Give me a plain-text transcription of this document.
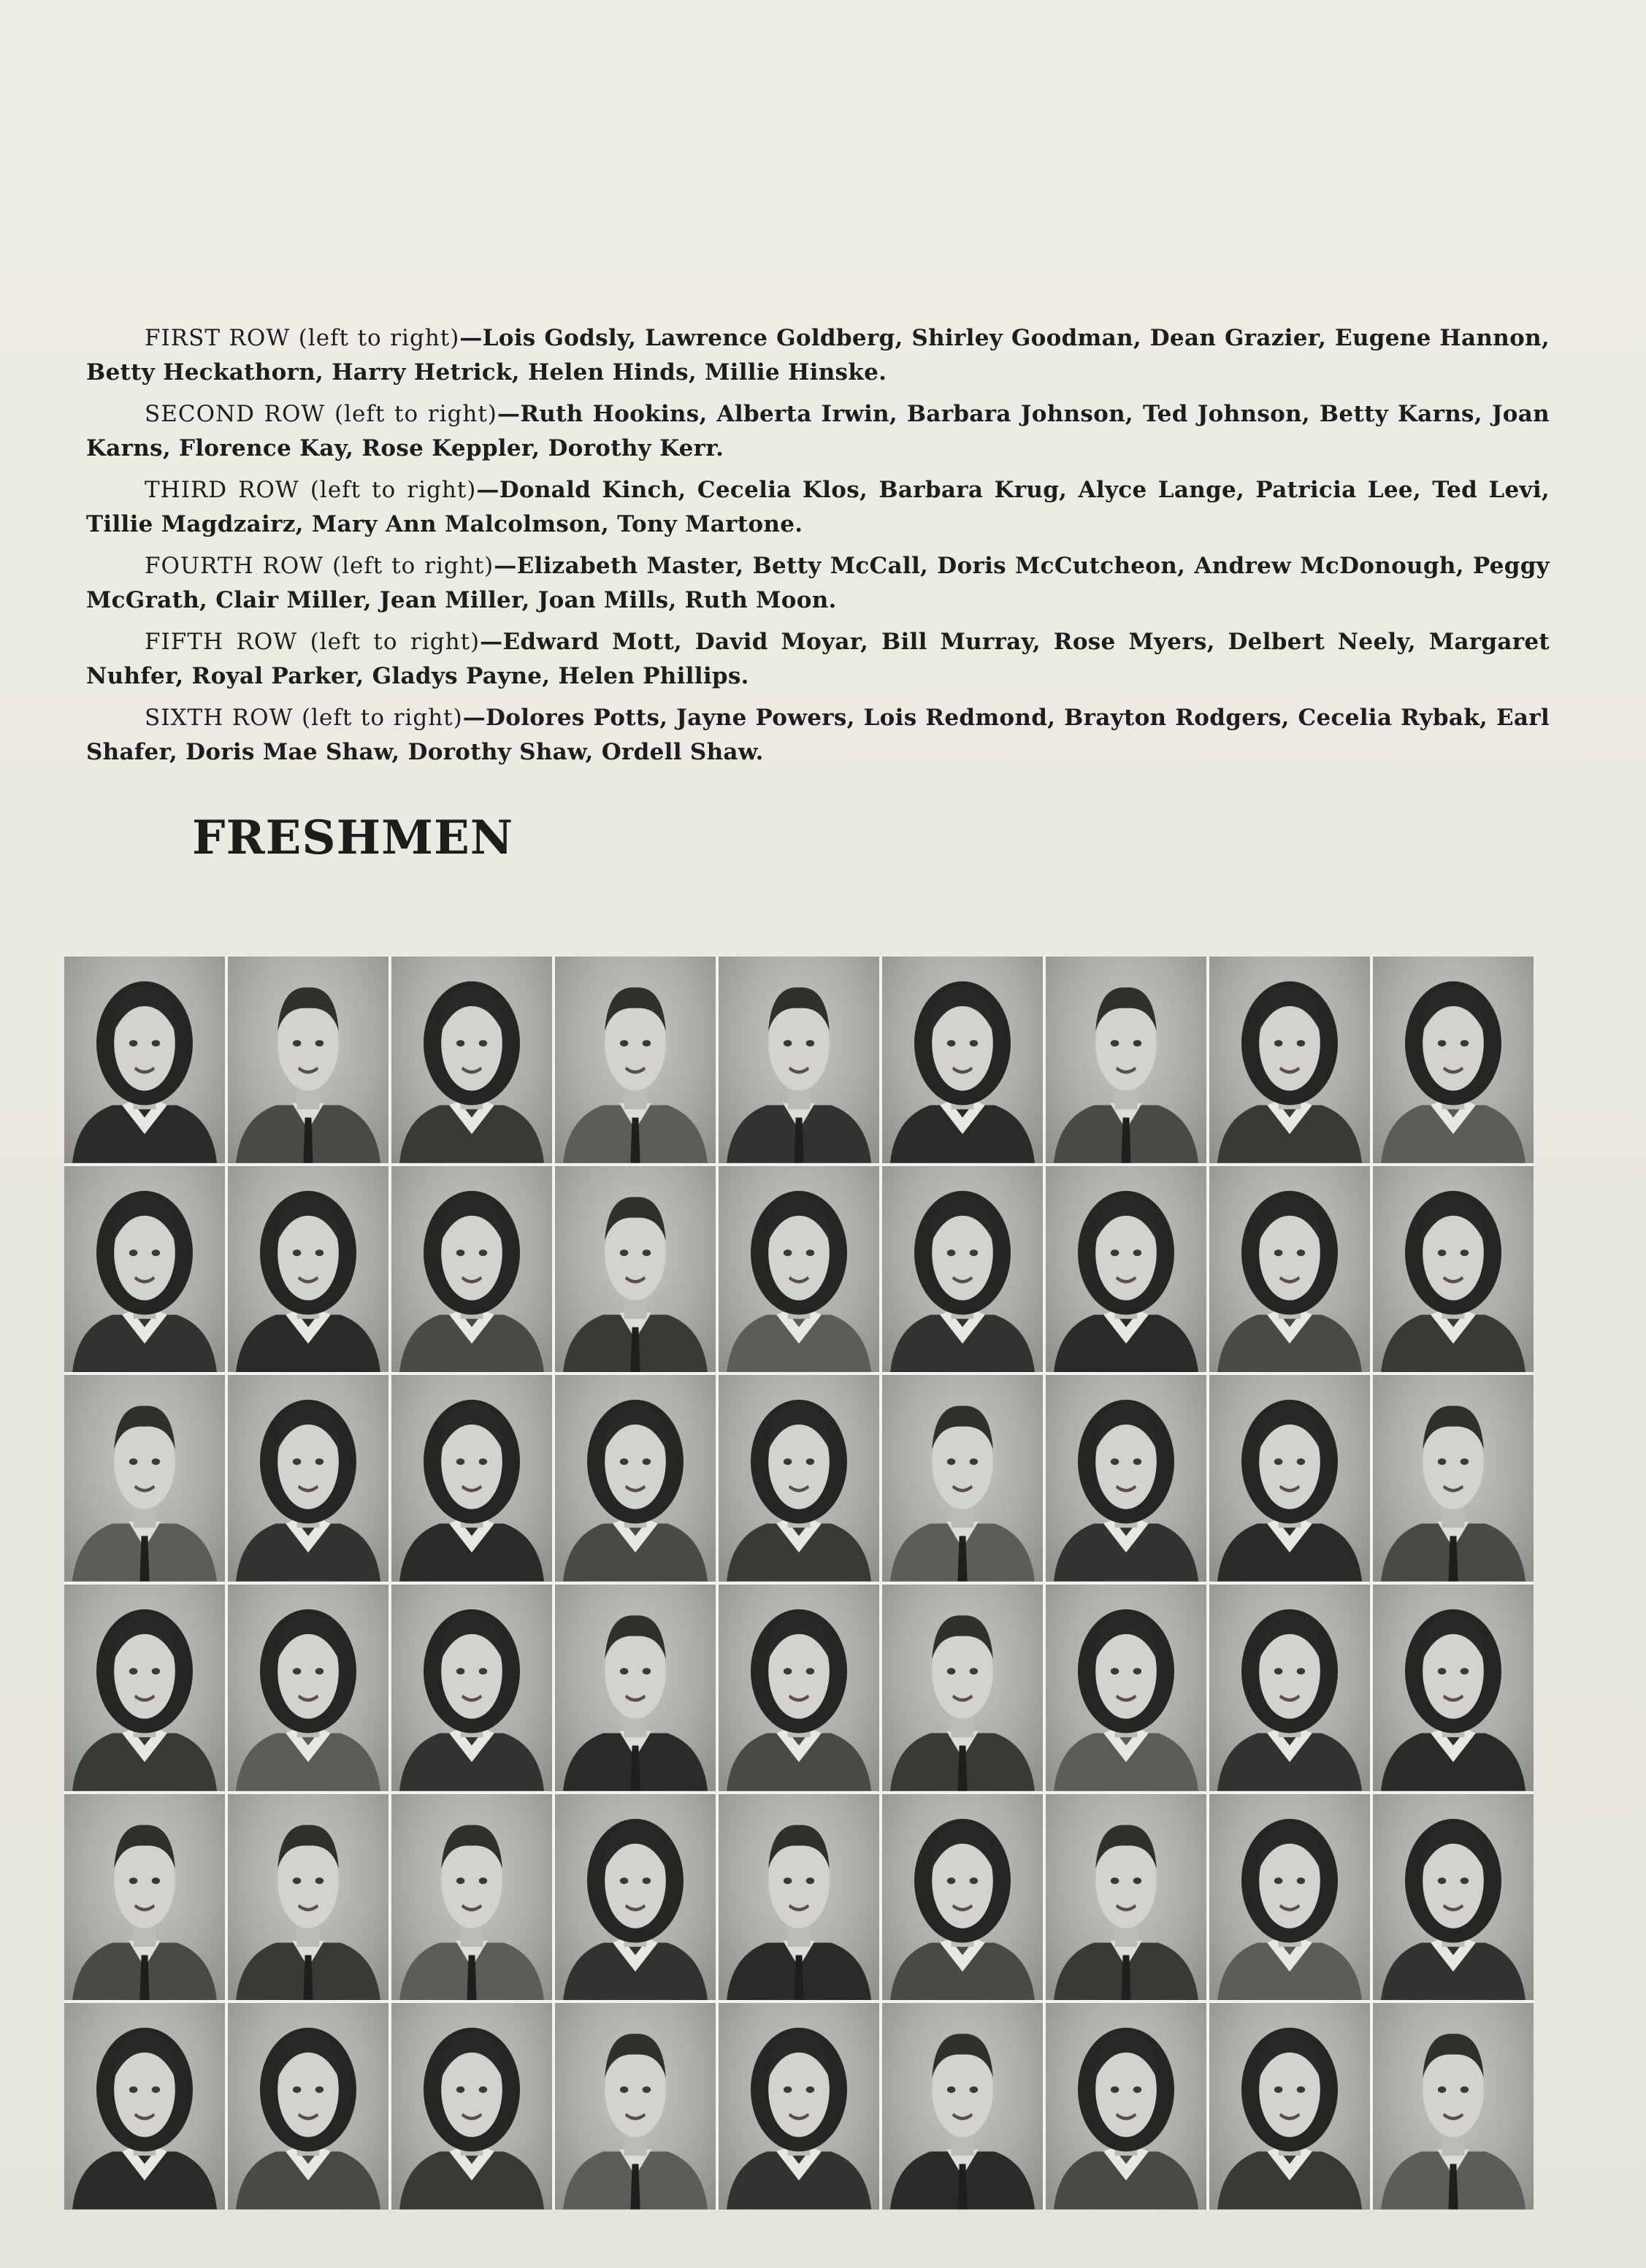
FIRST ROW (left to right)—Lois Godsly, Lawrence Goldberg, Shirley Goodman, Dean Grazier, Eugene Hannon, Betty Heckathorn, Harry Hetrick, Helen Hinds, Millie Hinske.

SECOND ROW (left to right)—Ruth Hookins, Alberta Irwin, Barbara Johnson, Ted Johnson, Betty Karns, Joan Karns, Florence Kay, Rose Keppler, Dorothy Kerr.

THIRD ROW (left to right)—Donald Kinch, Cecelia Klos, Barbara Krug, Alyce Lange, Patricia Lee, Ted Levi, Tillie Magdzairz, Mary Ann Malcolmson, Tony Martone.

FOURTH ROW (left to right)—Elizabeth Master, Betty McCall, Doris McCutcheon, Andrew McDonough, Peggy McGrath, Clair Miller, Jean Miller, Joan Mills, Ruth Moon.

FIFTH ROW (left to right)—Edward Mott, David Moyar, Bill Murray, Rose Myers, Delbert Neely, Margaret Nuhfer, Royal Parker, Gladys Payne, Helen Phillips.

SIXTH ROW (left to right)—Dolores Potts, Jayne Powers, Lois Redmond, Brayton Rodgers, Cecelia Rybak, Earl Shafer, Doris Mae Shaw, Dorothy Shaw, Ordell Shaw.

FRESHMEN
